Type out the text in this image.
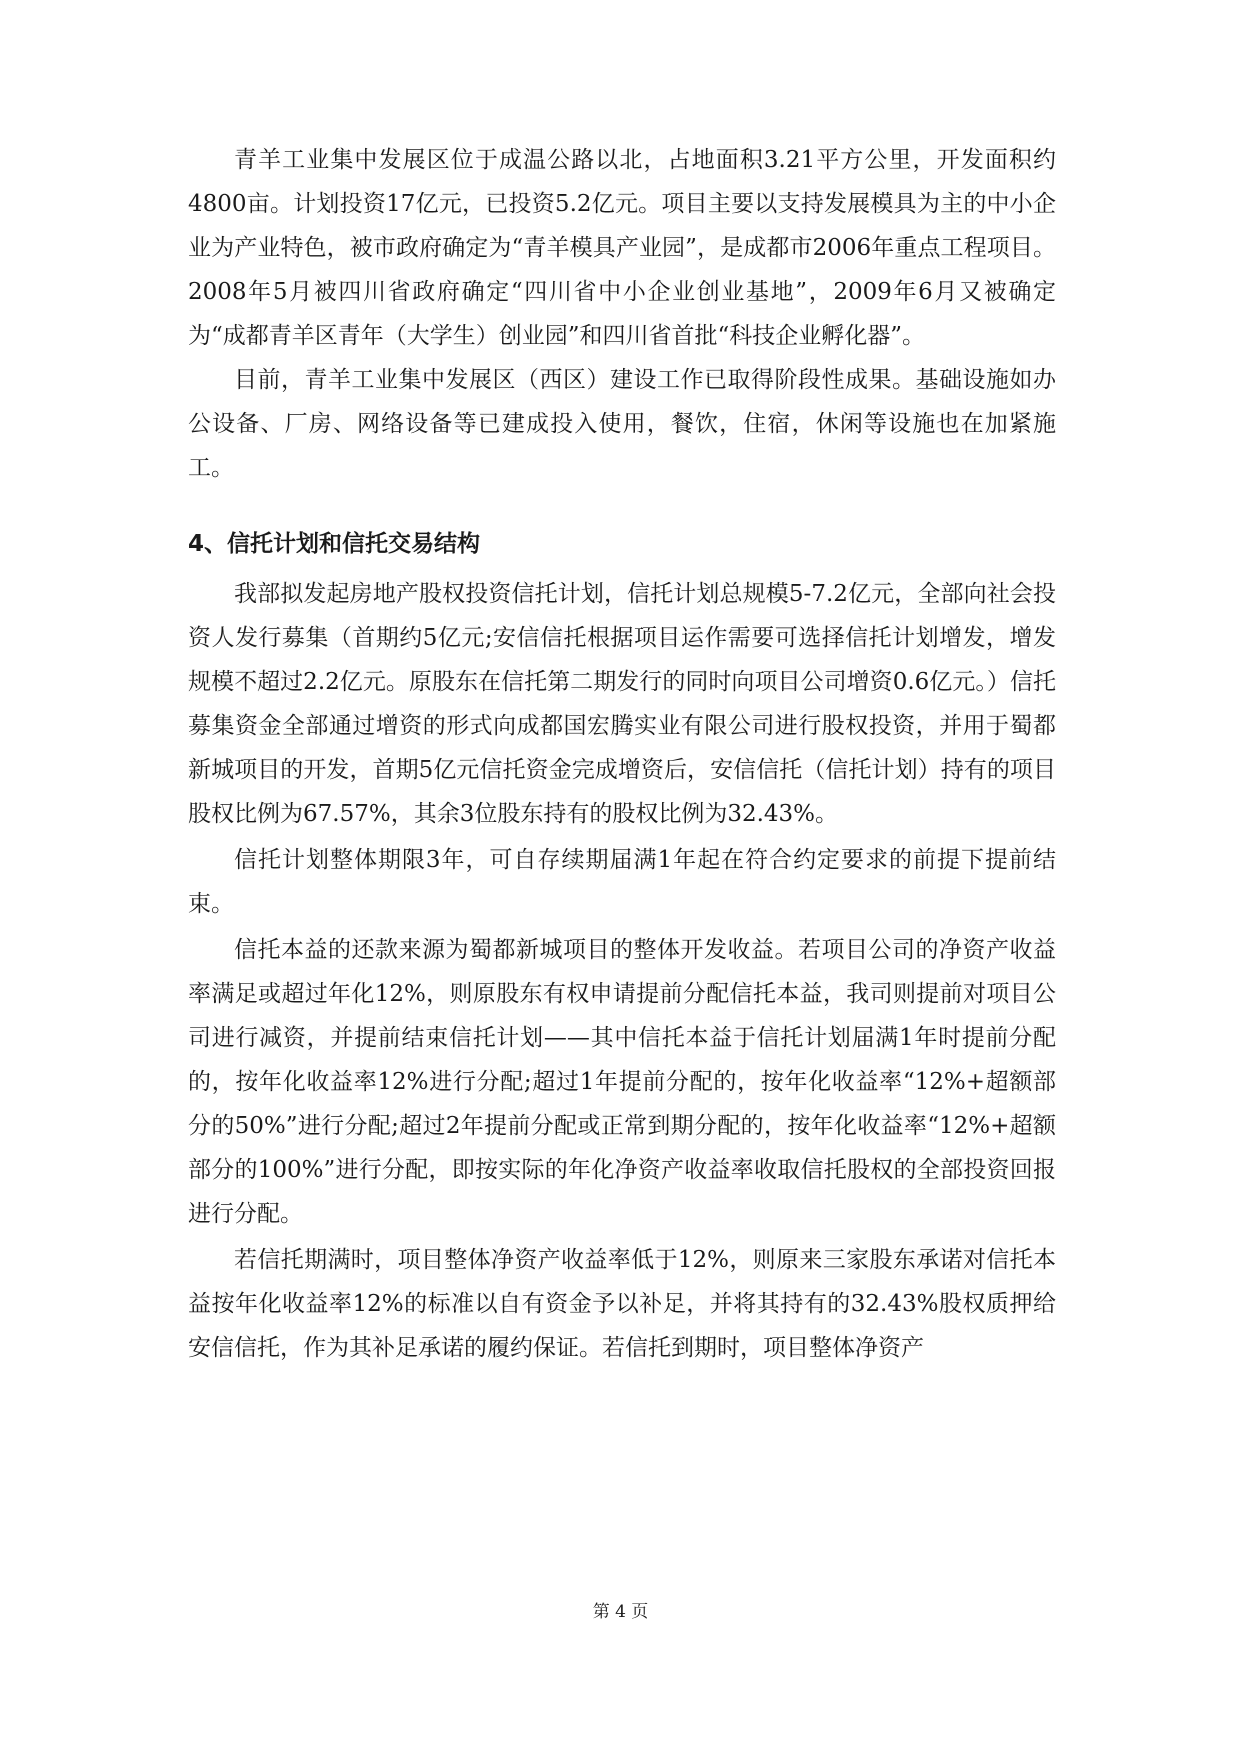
青羊工业集中发展区位于成温公路以北，占地面积3.21平方公里，开发面积约4800亩。计划投资17亿元，已投资5.2亿元。项目主要以支持发展模具为主的中小企业为产业特色，被市政府确定为“青羊模具产业园”，是成都市2006年重点工程项目。2008年5月被四川省政府确定“四川省中小企业创业基地”，2009年6月又被确定为“成都青羊区青年（大学生）创业园”和四川省首批“科技企业孵化器”。

目前，青羊工业集中发展区（西区）建设工作已取得阶段性成果。基础设施如办公设备、厂房、网络设备等已建成投入使用，餐饮，住宿，休闲等设施也在加紧施工。

4、信托计划和信托交易结构

我部拟发起房地产股权投资信托计划，信托计划总规模5-7.2亿元，全部向社会投资人发行募集（首期约5亿元;安信信托根据项目运作需要可选择信托计划增发，增发规模不超过2.2亿元。原股东在信托第二期发行的同时向项目公司增资0.6亿元。）信托募集资金全部通过增资的形式向成都国宏腾实业有限公司进行股权投资，并用于蜀都新城项目的开发，首期5亿元信托资金完成增资后，安信信托（信托计划）持有的项目股权比例为67.57%，其余3位股东持有的股权比例为32.43%。

信托计划整体期限3年，可自存续期届满1年起在符合约定要求的前提下提前结束。

信托本益的还款来源为蜀都新城项目的整体开发收益。若项目公司的净资产收益率满足或超过年化12%，则原股东有权申请提前分配信托本益，我司则提前对项目公司进行减资，并提前结束信托计划——其中信托本益于信托计划届满1年时提前分配的，按年化收益率12%进行分配;超过1年提前分配的，按年化收益率“12%+超额部分的50%”进行分配;超过2年提前分配或正常到期分配的，按年化收益率“12%+超额部分的100%”进行分配，即按实际的年化净资产收益率收取信托股权的全部投资回报进行分配。

若信托期满时，项目整体净资产收益率低于12%，则原来三家股东承诺对信托本益按年化收益率12%的标准以自有资金予以补足，并将其持有的32.43%股权质押给安信信托，作为其补足承诺的履约保证。若信托到期时，项目整体净资产

第 4 页
